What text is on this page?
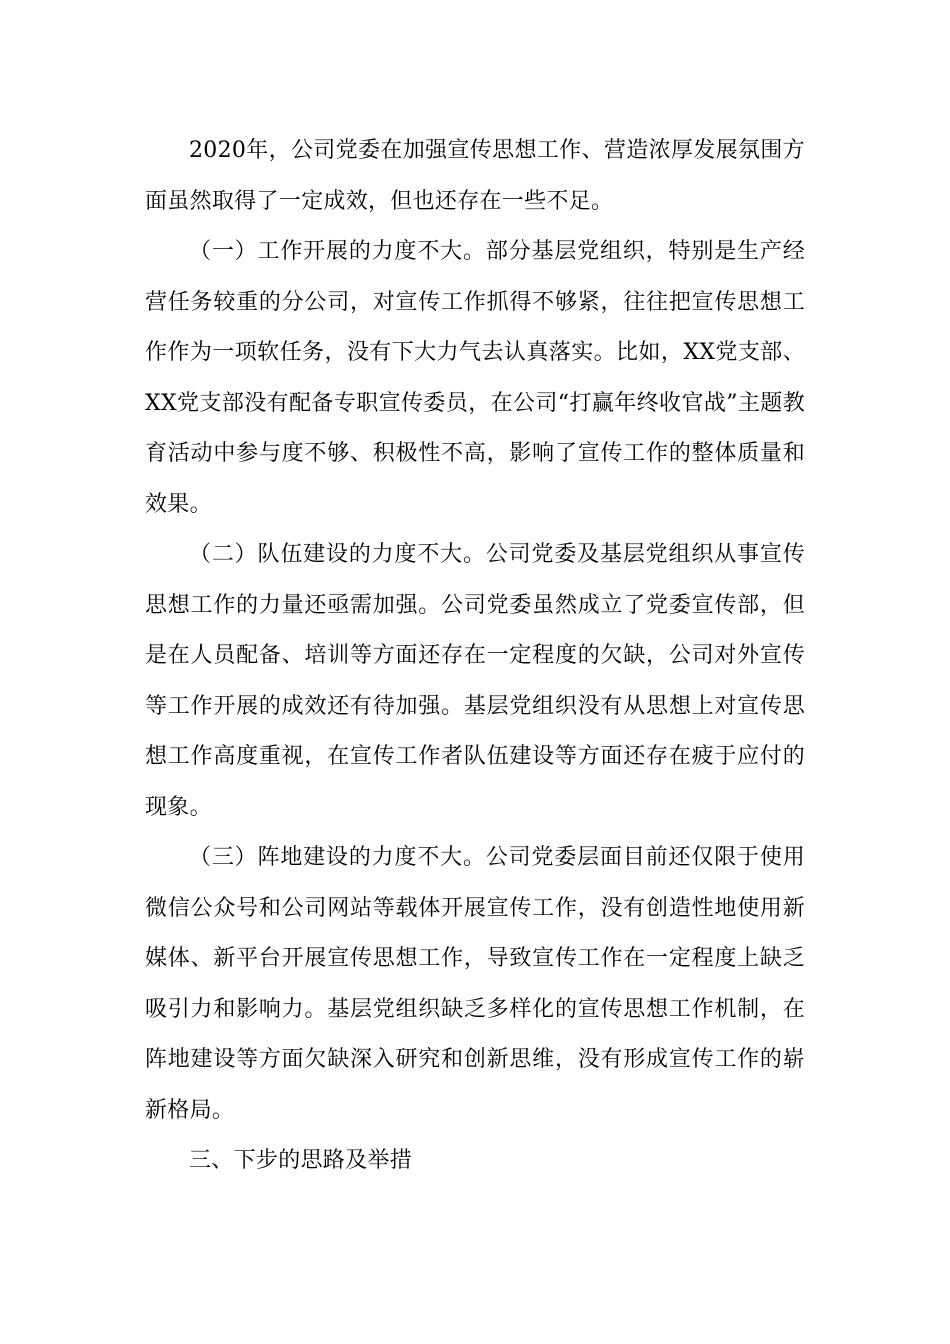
2020年，公司党委在加强宣传思想工作、营造浓厚发展氛围方面虽然取得了一定成效，但也还存在一些不足。

（一）工作开展的力度不大。部分基层党组织，特别是生产经营任务较重的分公司，对宣传工作抓得不够紧，往往把宣传思想工作作为一项软任务，没有下大力气去认真落实。比如，XX党支部、XX党支部没有配备专职宣传委员，在公司“打赢年终收官战”主题教育活动中参与度不够、积极性不高，影响了宣传工作的整体质量和效果。

（二）队伍建设的力度不大。公司党委及基层党组织从事宣传思想工作的力量还亟需加强。公司党委虽然成立了党委宣传部，但是在人员配备、培训等方面还存在一定程度的欠缺，公司对外宣传等工作开展的成效还有待加强。基层党组织没有从思想上对宣传思想工作高度重视，在宣传工作者队伍建设等方面还存在疲于应付的现象。

（三）阵地建设的力度不大。公司党委层面目前还仅限于使用微信公众号和公司网站等载体开展宣传工作，没有创造性地使用新媒体、新平台开展宣传思想工作，导致宣传工作在一定程度上缺乏吸引力和影响力。基层党组织缺乏多样化的宣传思想工作机制，在阵地建设等方面欠缺深入研究和创新思维，没有形成宣传工作的崭新格局。

三、下步的思路及举措
